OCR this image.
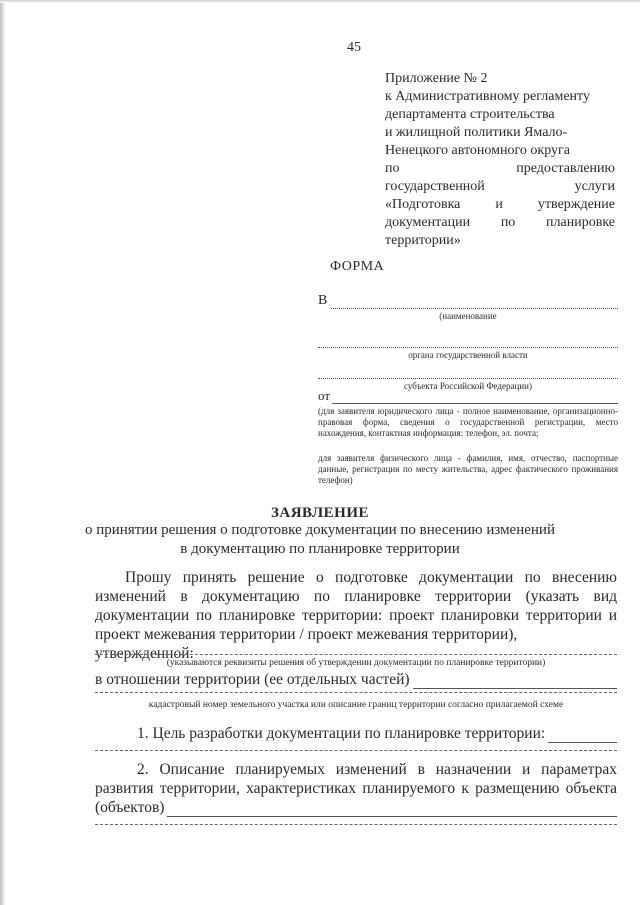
45
Приложение № 2
к Административному регламенту
департамента строительства
и жилищной политики Ямало-
Ненецкого автономного округа
по	предоставлению
государственной	услуги
«Подготовка	и	утверждение
документации по планировке
территории»
ФОРМА
В
(наименование
органа государственной власти
субъекта Российской Федерации)
от
(для заявителя юридического лица - полное наименование, организационно-правовая форма, сведения о государственной регистрации, место нахождения, контактная информация: телефон, эл. почта;
для заявителя физического лица - фамилия, имя, отчество, паспортные данные, регистрация по месту жительства, адрес фактического проживания телефон)
ЗАЯВЛЕНИЕ
о принятии решения о подготовке документации по внесению изменений
в документацию по планировке территории
Прошу принять решение о подготовке документации по внесению
изменений в документацию по планировке территории (указать вид
документации по планировке территории: проект планировки территории и
проект межевания территории / проект межевания территории), утвержденной:
(указываются реквизиты решения об утверждении документации по планировке территории)
в отношении территории (ее отдельных частей)
кадастровый номер земельного участка или описание границ территории согласно прилагаемой схеме
1. Цель разработки документации по планировке территории:
2. Описание планируемых изменений в назначении и параметрах
развития территории, характеристиках планируемого к размещению объекта
(объектов)
